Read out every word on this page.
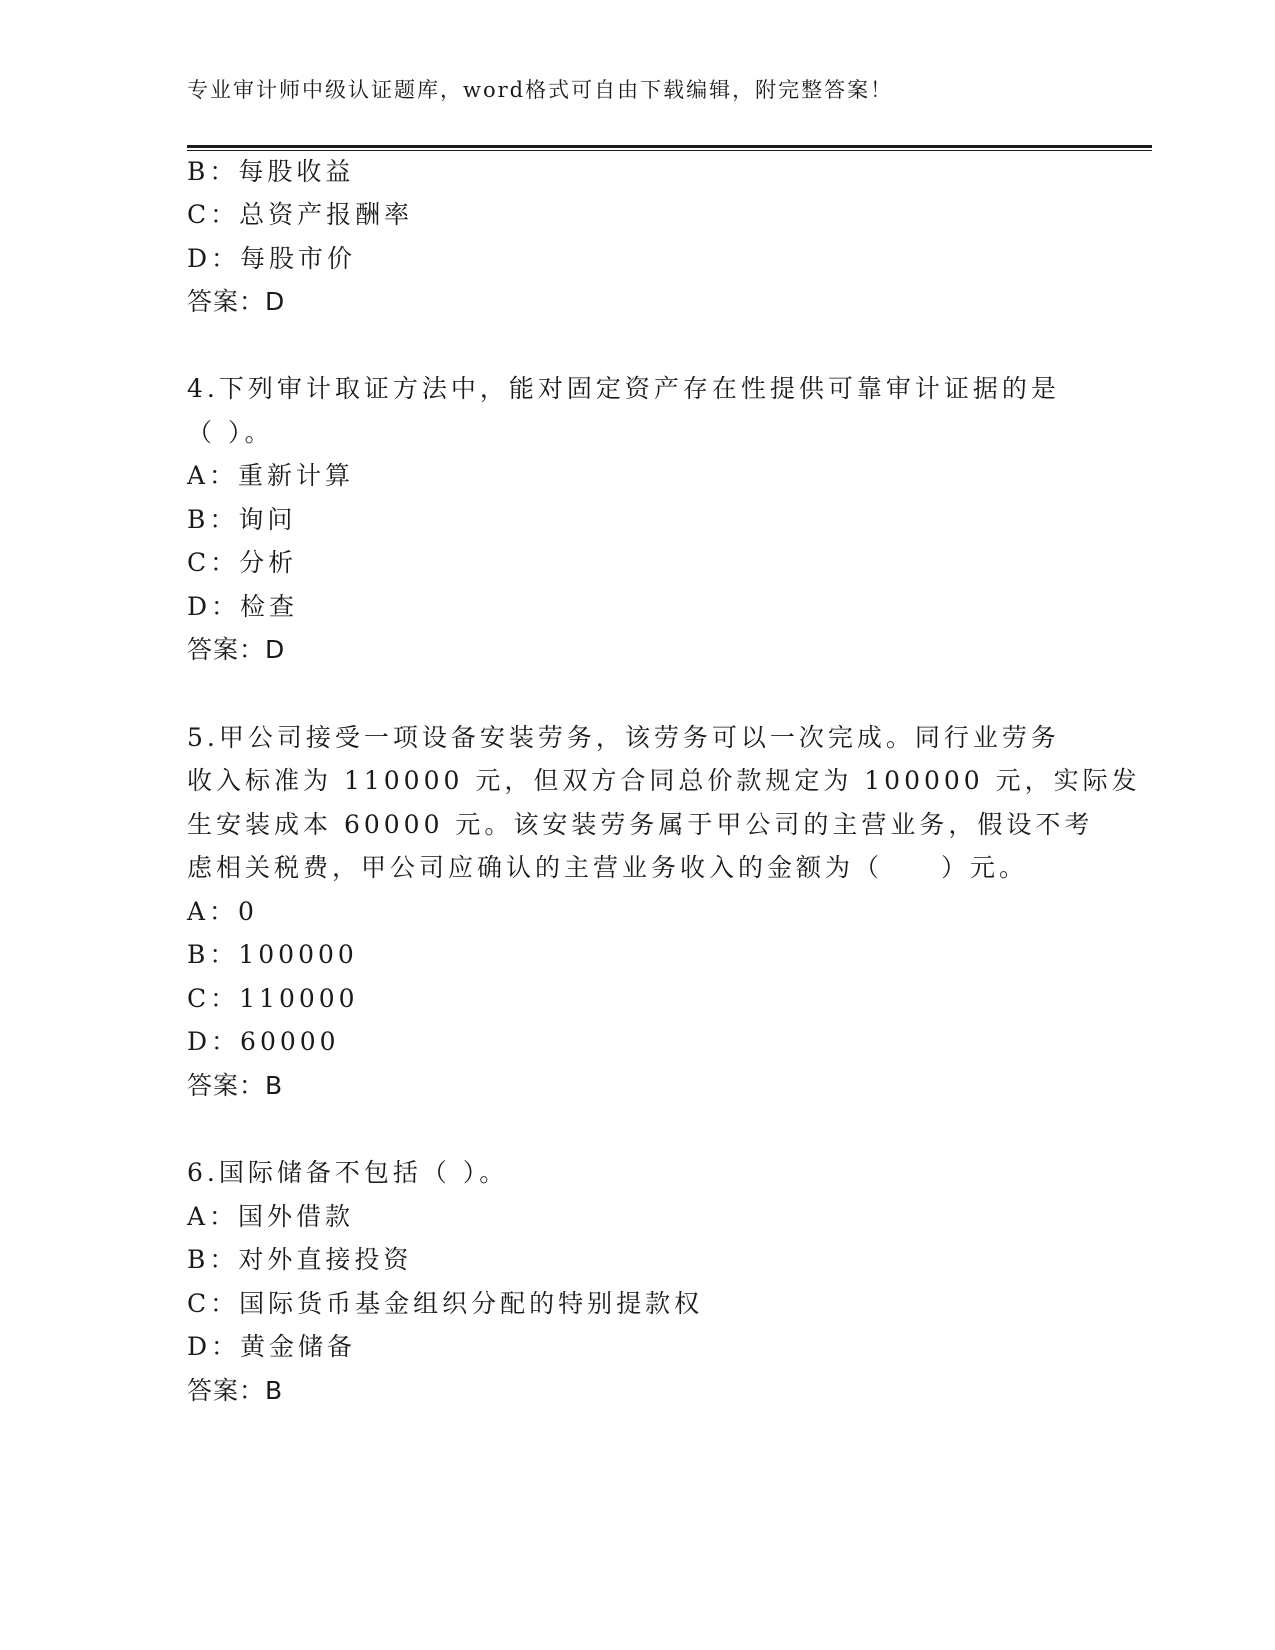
专业审计师中级认证题库，word格式可自由下载编辑，附完整答案！
B：每股收益
C：总资产报酬率
D：每股市价
答案：D
4.下列审计取证方法中，能对固定资产存在性提供可靠审计证据的是
（ ）。
A：重新计算
B：询问
C：分析
D：检查
答案：D
5.甲公司接受一项设备安装劳务，该劳务可以一次完成。同行业劳务
收入标准为 110000 元，但双方合同总价款规定为 100000 元，实际发
生安装成本 60000 元。该安装劳务属于甲公司的主营业务，假设不考
虑相关税费，甲公司应确认的主营业务收入的金额为（　　）元。
A：0
B：100000
C：110000
D：60000
答案：B
6.国际储备不包括（ ）。
A：国外借款
B：对外直接投资
C：国际货币基金组织分配的特别提款权
D：黄金储备
答案：B
